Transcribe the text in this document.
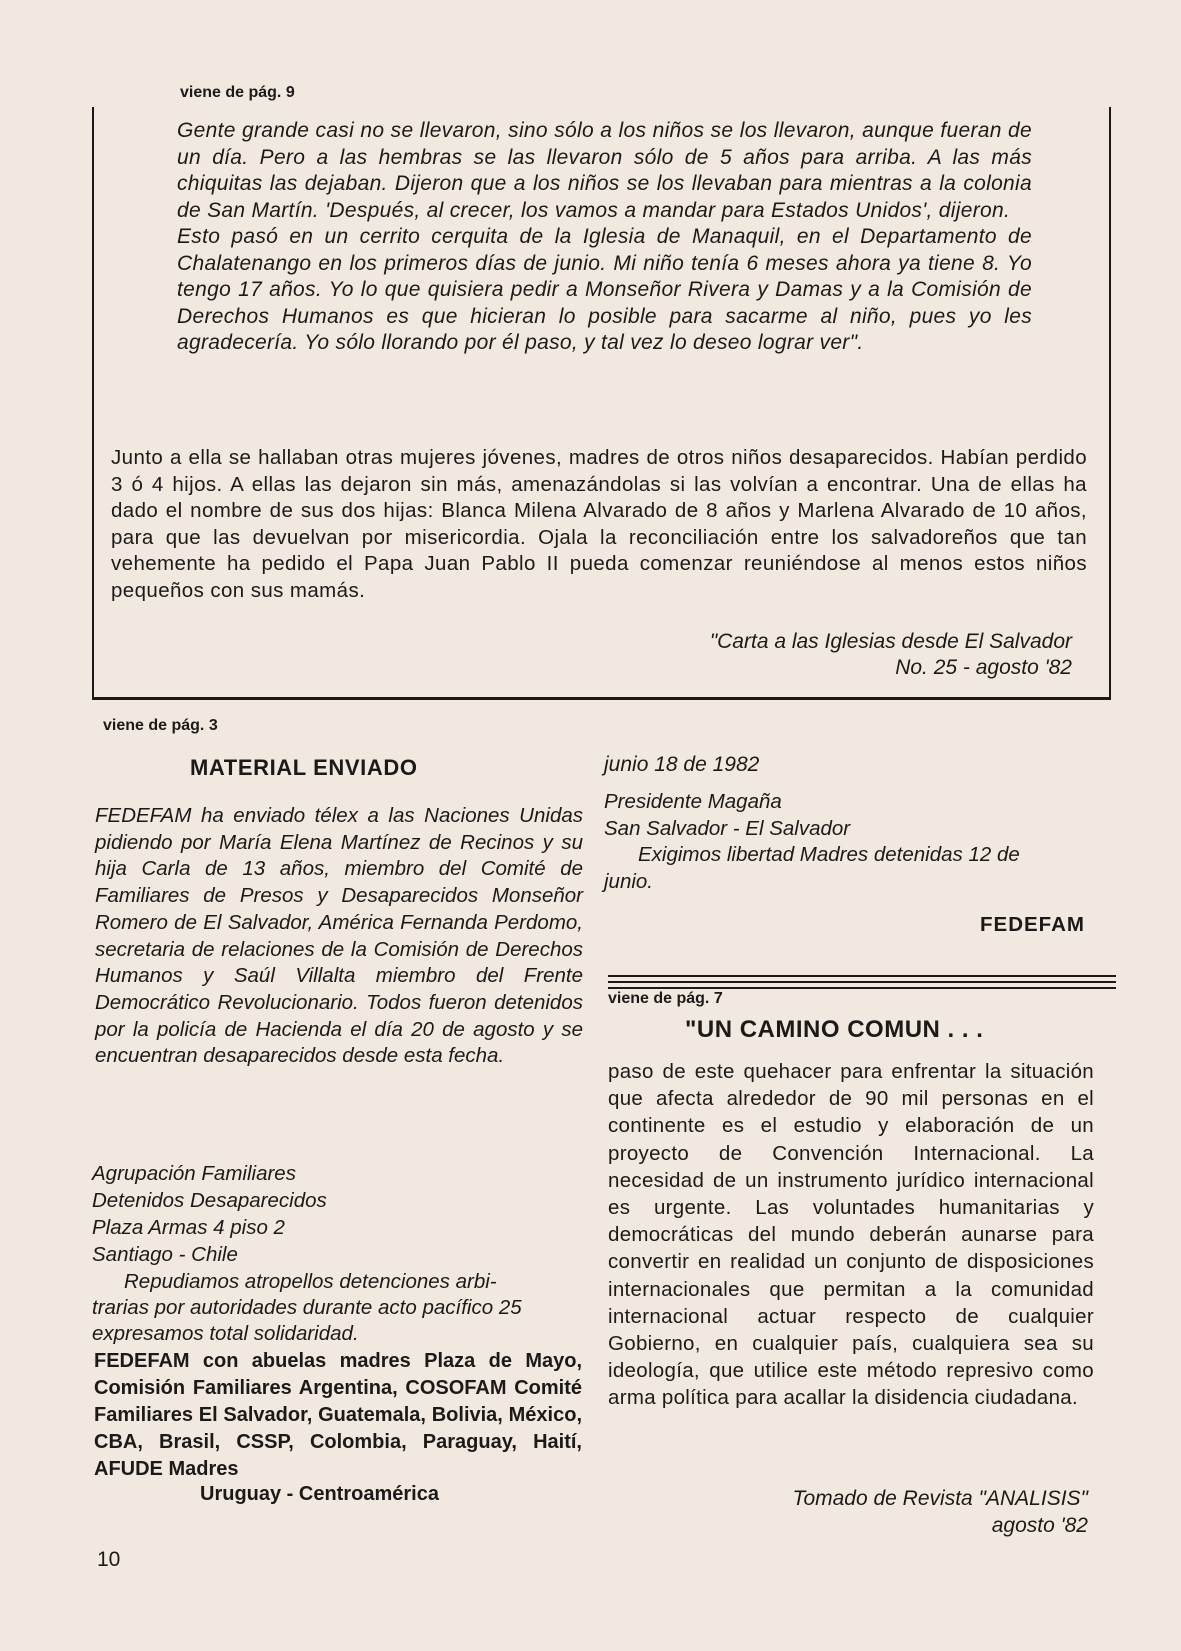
viene de pág. 9

Gente grande casi no se llevaron, sino sólo a los niños se los llevaron, aunque fueran de un día. Pero a las hembras se las llevaron sólo de 5 años para arriba. A las más chiquitas las dejaban. Dijeron que a los niños se los llevaban para mientras a la colonia de San Martín. 'Después, al crecer, los vamos a mandar para Estados Unidos', dijeron.

Esto pasó en un cerrito cerquita de la Iglesia de Manaquil, en el Departamento de Chalatenango en los primeros días de junio. Mi niño tenía 6 meses ahora ya tiene 8. Yo tengo 17 años. Yo lo que quisiera pedir a Monseñor Rivera y Damas y a la Comisión de Derechos Humanos es que hicieran lo posible para sacarme al niño, pues yo les agradecería. Yo sólo llorando por él paso, y tal vez lo deseo lograr ver".

Junto a ella se hallaban otras mujeres jóvenes, madres de otros niños desaparecidos. Habían perdido 3 ó 4 hijos. A ellas las dejaron sin más, amenazándolas si las volvían a encontrar. Una de ellas ha dado el nombre de sus dos hijas: Blanca Milena Alvarado de 8 años y Marlena Alvarado de 10 años, para que las devuelvan por misericordia. Ojala la reconciliación entre los salvadoreños que tan vehemente ha pedido el Papa Juan Pablo II pueda comenzar reuniéndose al menos estos niños pequeños con sus mamás.

"Carta a las Iglesias desde El Salvador
No. 25 - agosto '82
viene de pág. 3
MATERIAL ENVIADO

FEDEFAM ha enviado télex a las Naciones Unidas pidiendo por María Elena Martínez de Recinos y su hija Carla de 13 años, miembro del Comité de Familiares de Presos y Desaparecidos Monseñor Romero de El Salvador, América Fernanda Perdomo, secretaria de relaciones de la Comisión de Derechos Humanos y Saúl Villalta miembro del Frente Democrático Revolucionario. Todos fueron detenidos por la policía de Hacienda el día 20 de agosto y se encuentran desaparecidos desde esta fecha.

Agrupación Familiares
Detenidos Desaparecidos
Plaza Armas 4 piso 2
Santiago - Chile
Repudiamos atropellos detenciones arbi-
trarias por autoridades durante acto pacífico 25 expresamos total solidaridad.

FEDEFAM con abuelas madres Plaza de Mayo, Comisión Familiares Argentina, COSOFAM Comité Familiares El Salvador, Guatemala, Bolivia, México, CBA, Brasil, CSSP, Colombia, Paraguay, Haití, AFUDE Madres

Uruguay - Centroamérica
junio 18 de 1982
Presidente Magaña
San Salvador - El Salvador
Exigimos libertad Madres detenidas 12 de
junio.
FEDEFAM
viene de pág. 7
"UN CAMINO COMUN . . .

paso de este quehacer para enfrentar la situación que afecta alrededor de 90 mil personas en el continente es el estudio y elaboración de un proyecto de Convención Internacional. La necesidad de un instrumento jurídico internacional es urgente. Las voluntades humanitarias y democráticas del mundo deberán aunarse para convertir en realidad un conjunto de disposiciones internacionales que permitan a la comunidad internacional actuar respecto de cualquier Gobierno, en cualquier país, cualquiera sea su ideología, que utilice este método represivo como arma política para acallar la disidencia ciudadana.

Tomado de Revista "ANALISIS"
agosto '82
10
